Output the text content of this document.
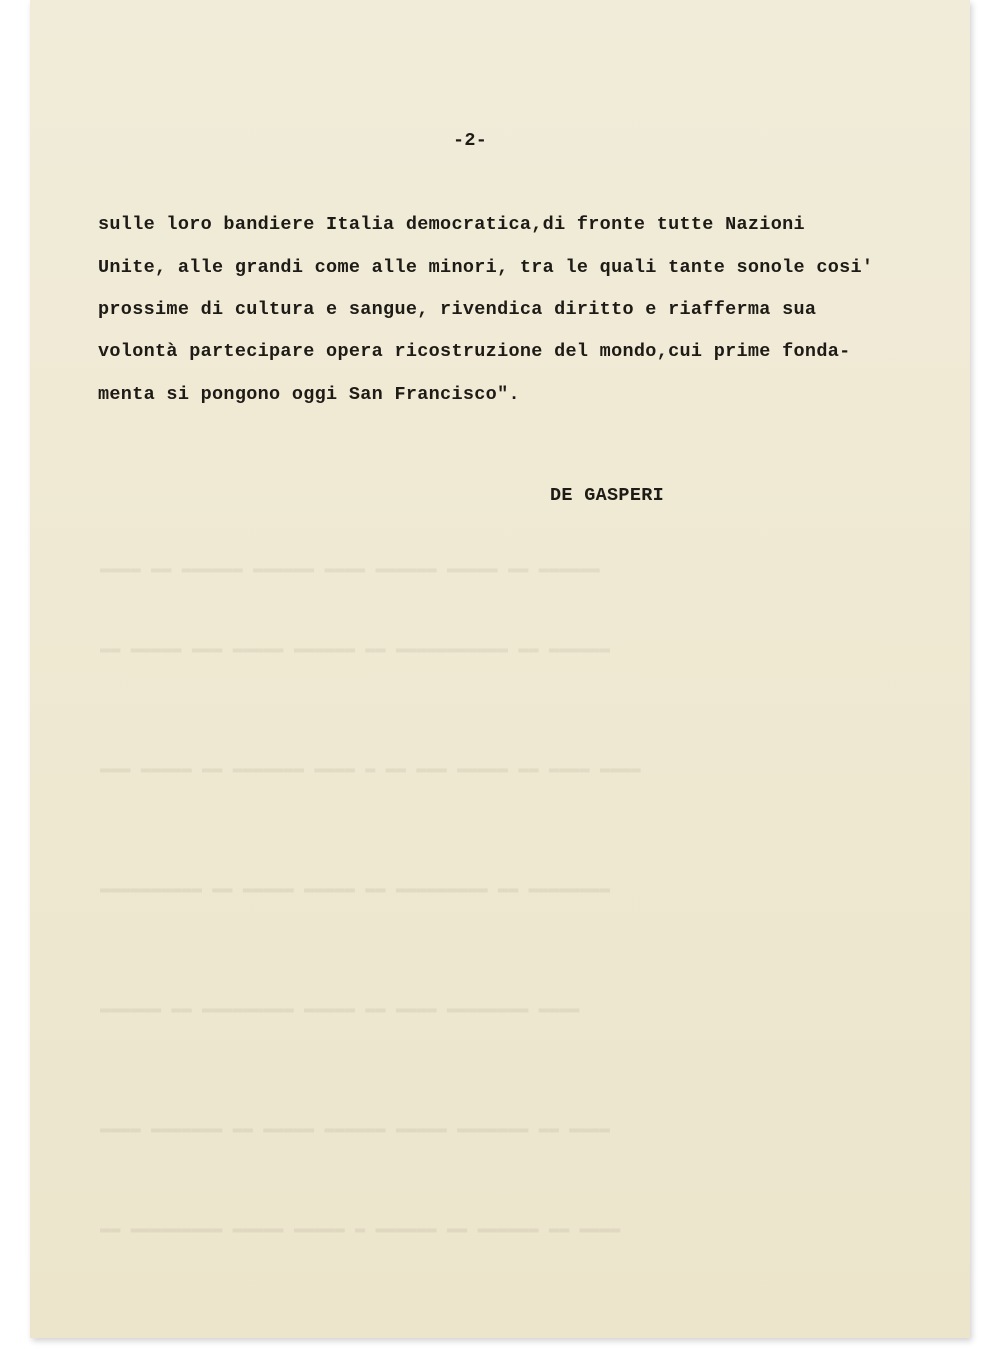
▬▬▬▬ ▬▬ ▬▬▬▬▬▬ ▬▬▬▬▬▬ ▬▬▬▬ ▬▬▬▬▬▬ ▬▬▬▬▬ ▬▬ ▬▬▬▬▬▬
▬▬ ▬▬▬▬▬ ▬▬▬ ▬▬▬▬▬ ▬▬▬▬▬▬ ▬▬ ▬▬▬▬▬▬▬▬▬▬▬ ▬▬ ▬▬▬▬▬▬
▬▬▬ ▬▬▬▬▬ ▬▬ ▬▬▬▬▬▬▬ ▬▬▬▬ ▬ ▬▬ ▬▬▬ ▬▬▬▬▬ ▬▬ ▬▬▬▬ ▬▬▬▬
▬▬▬▬▬▬▬▬▬▬ ▬▬ ▬▬▬▬▬ ▬▬▬▬▬ ▬▬ ▬▬▬▬▬▬▬▬▬ ▬▬ ▬▬▬▬▬▬▬▬
▬▬▬▬▬▬ ▬▬ ▬▬▬▬▬▬▬▬▬ ▬▬▬▬▬ ▬▬ ▬▬▬▬ ▬▬▬▬▬▬▬▬ ▬▬▬▬
▬▬▬▬ ▬▬▬▬▬▬▬ ▬▬ ▬▬▬▬▬ ▬▬▬▬▬▬ ▬▬▬▬▬ ▬▬▬▬▬▬▬ ▬▬ ▬▬▬▬
▬▬ ▬▬▬▬▬▬▬▬▬ ▬▬▬▬▬ ▬▬▬▬▬ ▬ ▬▬▬▬▬▬ ▬▬ ▬▬▬▬▬▬ ▬▬ ▬▬▬▬

-2-

sulle loro bandiere Italia democratica,di fronte tutte Nazioni

Unite, alle grandi come alle minori, tra le quali tante sonole cosi'

prossime di cultura e sangue, rivendica diritto e riafferma sua

volontà partecipare opera ricostruzione del mondo,cui prime fonda-

menta si pongono oggi San Francisco".

DE GASPERI
